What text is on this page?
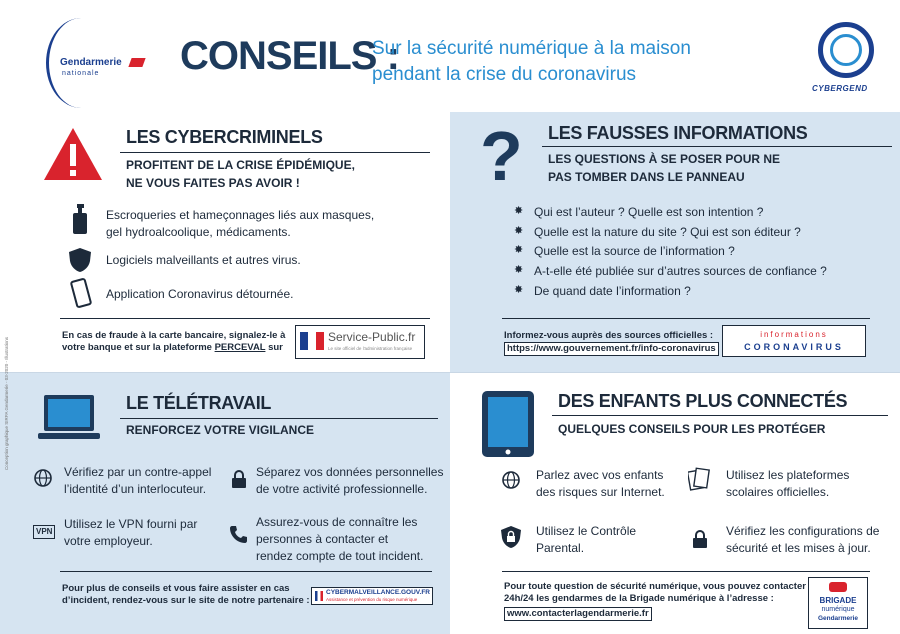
Gendarmerie
nationale CONSEILS :
Sur la sécurité numérique à la maison
pendant la crise du coronavirus
CYBERGEND
LES CYBERCRIMINELS
PROFITENT DE LA CRISE ÉPIDÉMIQUE,
NE VOUS FAITES PAS AVOIR !
Escroqueries et hameçonnages liés aux masques,
gel hydroalcoolique, médicaments.
Logiciels malveillants et autres virus.
Application Coronavirus détournée.
En cas de fraude à la carte bancaire, signalez-le à
votre banque et sur la plateforme PERCEVAL sur
Service-Public.fr
Le site officiel de l'administration française
? LES FAUSSES INFORMATIONS
LES QUESTIONS À SE POSER POUR NE
PAS TOMBER DANS LE PANNEAU
✸ Qui est l’auteur ? Quelle est son intention ?
✸ Quelle est la nature du site ? Qui est son éditeur ?
✸ Quelle est la source de l’information ?
✸ A-t-elle été publiée sur d’autres sources de confiance ?
✸ De quand date l’information ?
Informez-vous auprès des sources officielles :
https://www.gouvernement.fr/info-coronavirus
informations
CORONAVIRUS
LE TÉLÉTRAVAIL
RENFORCEZ VOTRE VIGILANCE
Vérifiez par un contre-appel
l’identité d’un interlocuteur.
Séparez vos données personnelles
de votre activité professionnelle.
VPN
Utilisez le VPN fourni par
votre employeur.
Assurez-vous de connaître les
personnes à contacter et
rendez compte de tout incident.
Pour plus de conseils et vous faire assister en cas
d’incident, rendez-vous sur le site de notre partenaire :
CYBERMALVEILLANCE.GOUV.FR
Assistance et prévention du risque numérique
DES ENFANTS PLUS CONNECTÉS
QUELQUES CONSEILS POUR LES PROTÉGER
Parlez avec vos enfants
des risques sur Internet.
Utilisez les plateformes
scolaires officielles.
Utilisez le Contrôle
Parental.
Vérifiez les configurations de
sécurité et les mises à jour.
Pour toute question de sécurité numérique, vous pouvez contacter
24h/24 les gendarmes de la Brigade numérique à l’adresse :
www.contacterlagendarmerie.fr
BRIGADE
numérique
Gendarmerie
Conception graphique SIRPA Gendarmerie - 03-2020 - Illustrations
